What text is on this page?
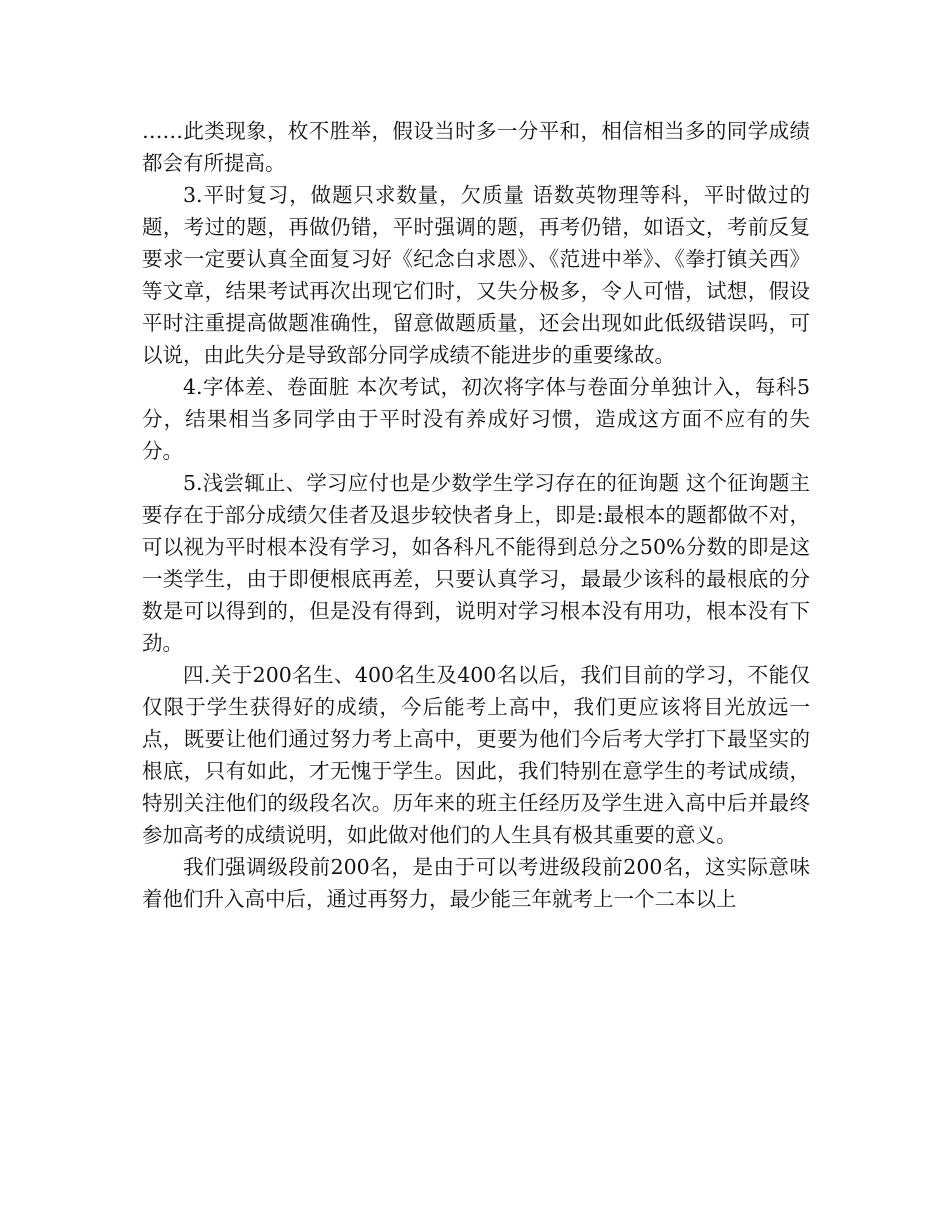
……此类现象，枚不胜举，假设当时多一分平和，相信相当多的同学成绩都会有所提高。

3.平时复习，做题只求数量，欠质量 语数英物理等科，平时做过的题，考过的题，再做仍错，平时强调的题，再考仍错，如语文，考前反复要求一定要认真全面复习好《纪念白求恩》、《范进中举》、《拳打镇关西》等文章，结果考试再次出现它们时，又失分极多，令人可惜，试想，假设平时注重提高做题准确性，留意做题质量，还会出现如此低级错误吗，可以说，由此失分是导致部分同学成绩不能进步的重要缘故。

4.字体差、卷面脏 本次考试，初次将字体与卷面分单独计入，每科5分，结果相当多同学由于平时没有养成好习惯，造成这方面不应有的失分。

5.浅尝辄止、学习应付也是少数学生学习存在的征询题 这个征询题主要存在于部分成绩欠佳者及退步较快者身上，即是:最根本的题都做不对，可以视为平时根本没有学习，如各科凡不能得到总分之50%分数的即是这一类学生，由于即便根底再差，只要认真学习，最最少该科的最根底的分数是可以得到的，但是没有得到，说明对学习根本没有用功，根本没有下劲。

四.关于200名生、400名生及400名以后，我们目前的学习，不能仅仅限于学生获得好的成绩，今后能考上高中，我们更应该将目光放远一点，既要让他们通过努力考上高中，更要为他们今后考大学打下最坚实的根底，只有如此，才无愧于学生。因此，我们特别在意学生的考试成绩，特别关注他们的级段名次。历年来的班主任经历及学生进入高中后并最终参加高考的成绩说明，如此做对他们的人生具有极其重要的意义。

我们强调级段前200名，是由于可以考进级段前200名，这实际意味着他们升入高中后，通过再努力，最少能三年就考上一个二本以上
